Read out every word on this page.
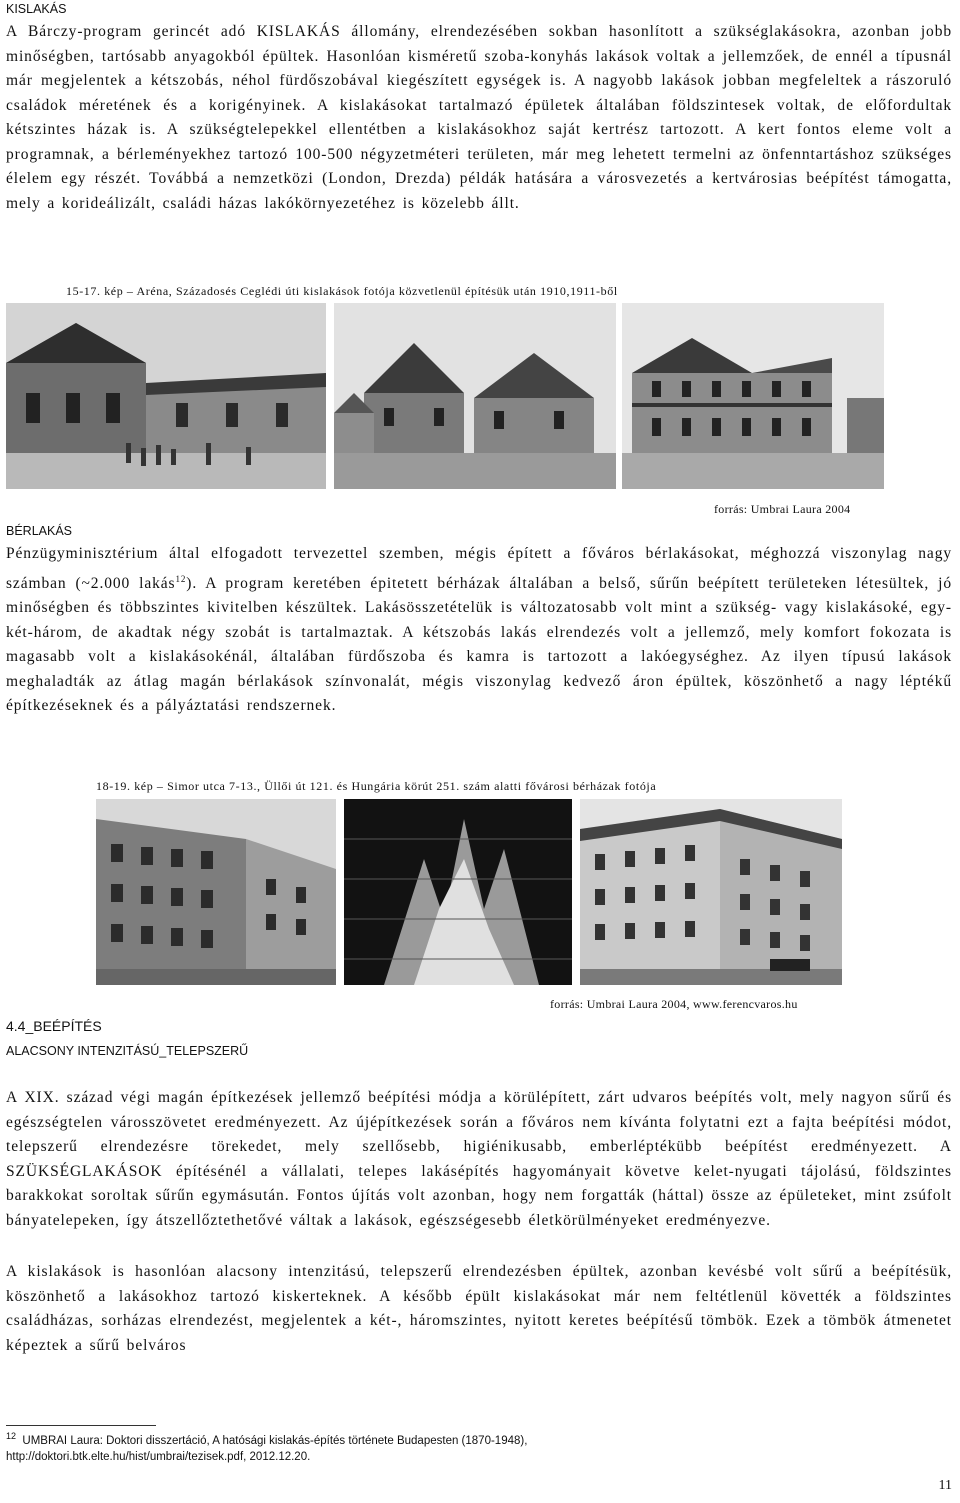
KISLAKÁS

A Bárczy-program gerincét adó KISLAKÁS állomány, elrendezésében sokban hasonlított a szükséglakásokra, azonban jobb minőségben, tartósabb anyagokból épültek. Hasonlóan kisméretű szoba-konyhás lakások voltak a jellemzőek, de ennél a típusnál már megjelentek a kétszobás, néhol fürdőszobával kiegészített egységek is. A nagyobb lakások jobban megfeleltek a rászoruló családok méretének és a korigényinek. A kislakásokat tartalmazó épületek általában földszintesek voltak, de előfordultak kétszintes házak is. A szükségtelepekkel ellentétben a kislakásokhoz saját kertrész tartozott. A kert fontos eleme volt a programnak, a bérleményekhez tartozó 100-500 négyzetméteri területen, már meg lehetett termelni az önfenntartáshoz szükséges élelem egy részét. Továbbá a nemzetközi (London, Drezda) példák hatására a városvezetés a kertvárosias beépítést támogatta, mely a korideálizált, családi házas lakókörnyezetéhez is közelebb állt.

15-17. kép – Aréna, Századosés Ceglédi úti kislakások fotója közvetlenül építésük után 1910,1911-ből
forrás: Umbrai Laura 2004
BÉRLAKÁS

Pénzügyminisztérium által elfogadott tervezettel szemben, mégis épített a főváros bérlakásokat, méghozzá viszonylag nagy számban (~2.000 lakás$^{12}$). A program keretében épitetett bérházak általában a belső, sűrűn beépített területeken létesültek, jó minőségben és többszintes kivitelben készültek. Lakásösszetételük is változatosabb volt mint a szükség- vagy kislakásoké, egy-két-három, de akadtak négy szobát is tartalmaztak. A kétszobás lakás elrendezés volt a jellemző, mely komfort fokozata is magasabb volt a kislakásokénál, általában fürdőszoba és kamra is tartozott a lakóegységhez. Az ilyen típusú lakások meghaladták az átlag magán bérlakások színvonalát, mégis viszonylag kedvező áron épültek, köszönhető a nagy léptékű építkezéseknek és a pályáztatási rendszernek.

18-19. kép – Simor utca 7-13., Üllői út 121. és Hungária körút 251. szám alatti fővárosi bérházak fotója
forrás: Umbrai Laura 2004, www.ferencvaros.hu
4.4_BEÉPÍTÉS
ALACSONY INTENZITÁSÚ_TELEPSZERŰ

A XIX. század végi magán építkezések jellemző beépítési módja a körülépített, zárt udvaros beépítés volt, mely nagyon sűrű és egészségtelen városszövetet eredményezett. Az újépítkezések során a főváros nem kívánta folytatni ezt a fajta beépítési módot, telepszerű elrendezésre törekedet, mely szellősebb, higiénikusabb, emberléptékübb beépítést eredményezett. A SZÜKSÉGLAKÁSOK építésénél a vállalati, telepes lakásépítés hagyományait követve kelet-nyugati tájolású, földszintes barakkokat soroltak sűrűn egymásután. Fontos újítás volt azonban, hogy nem forgatták (háttal) össze az épületeket, mint zsúfolt bányatelepeken, így átszellőztethetővé váltak a lakások, egészségesebb életkörülményeket eredményezve.

A kislakások is hasonlóan alacsony intenzitású, telepszerű elrendezésben épültek, azonban kevésbé volt sűrű a beépítésük, köszönhető a lakásokhoz tartozó kiskerteknek. A később épült kislakásokat már nem feltétlenül követték a földszintes családházas, sorházas elrendezést, megjelentek a két-, háromszintes, nyitott keretes beépítésű tömbök. Ezek a tömbök átmenetet képeztek a sűrű belváros

$^{12}$ UMBRAI Laura: Doktori disszertáció, A hatósági kislakás-építés története Budapesten (1870-1948),
http://doktori.btk.elte.hu/hist/umbrai/tezisek.pdf, 2012.12.20.
11
